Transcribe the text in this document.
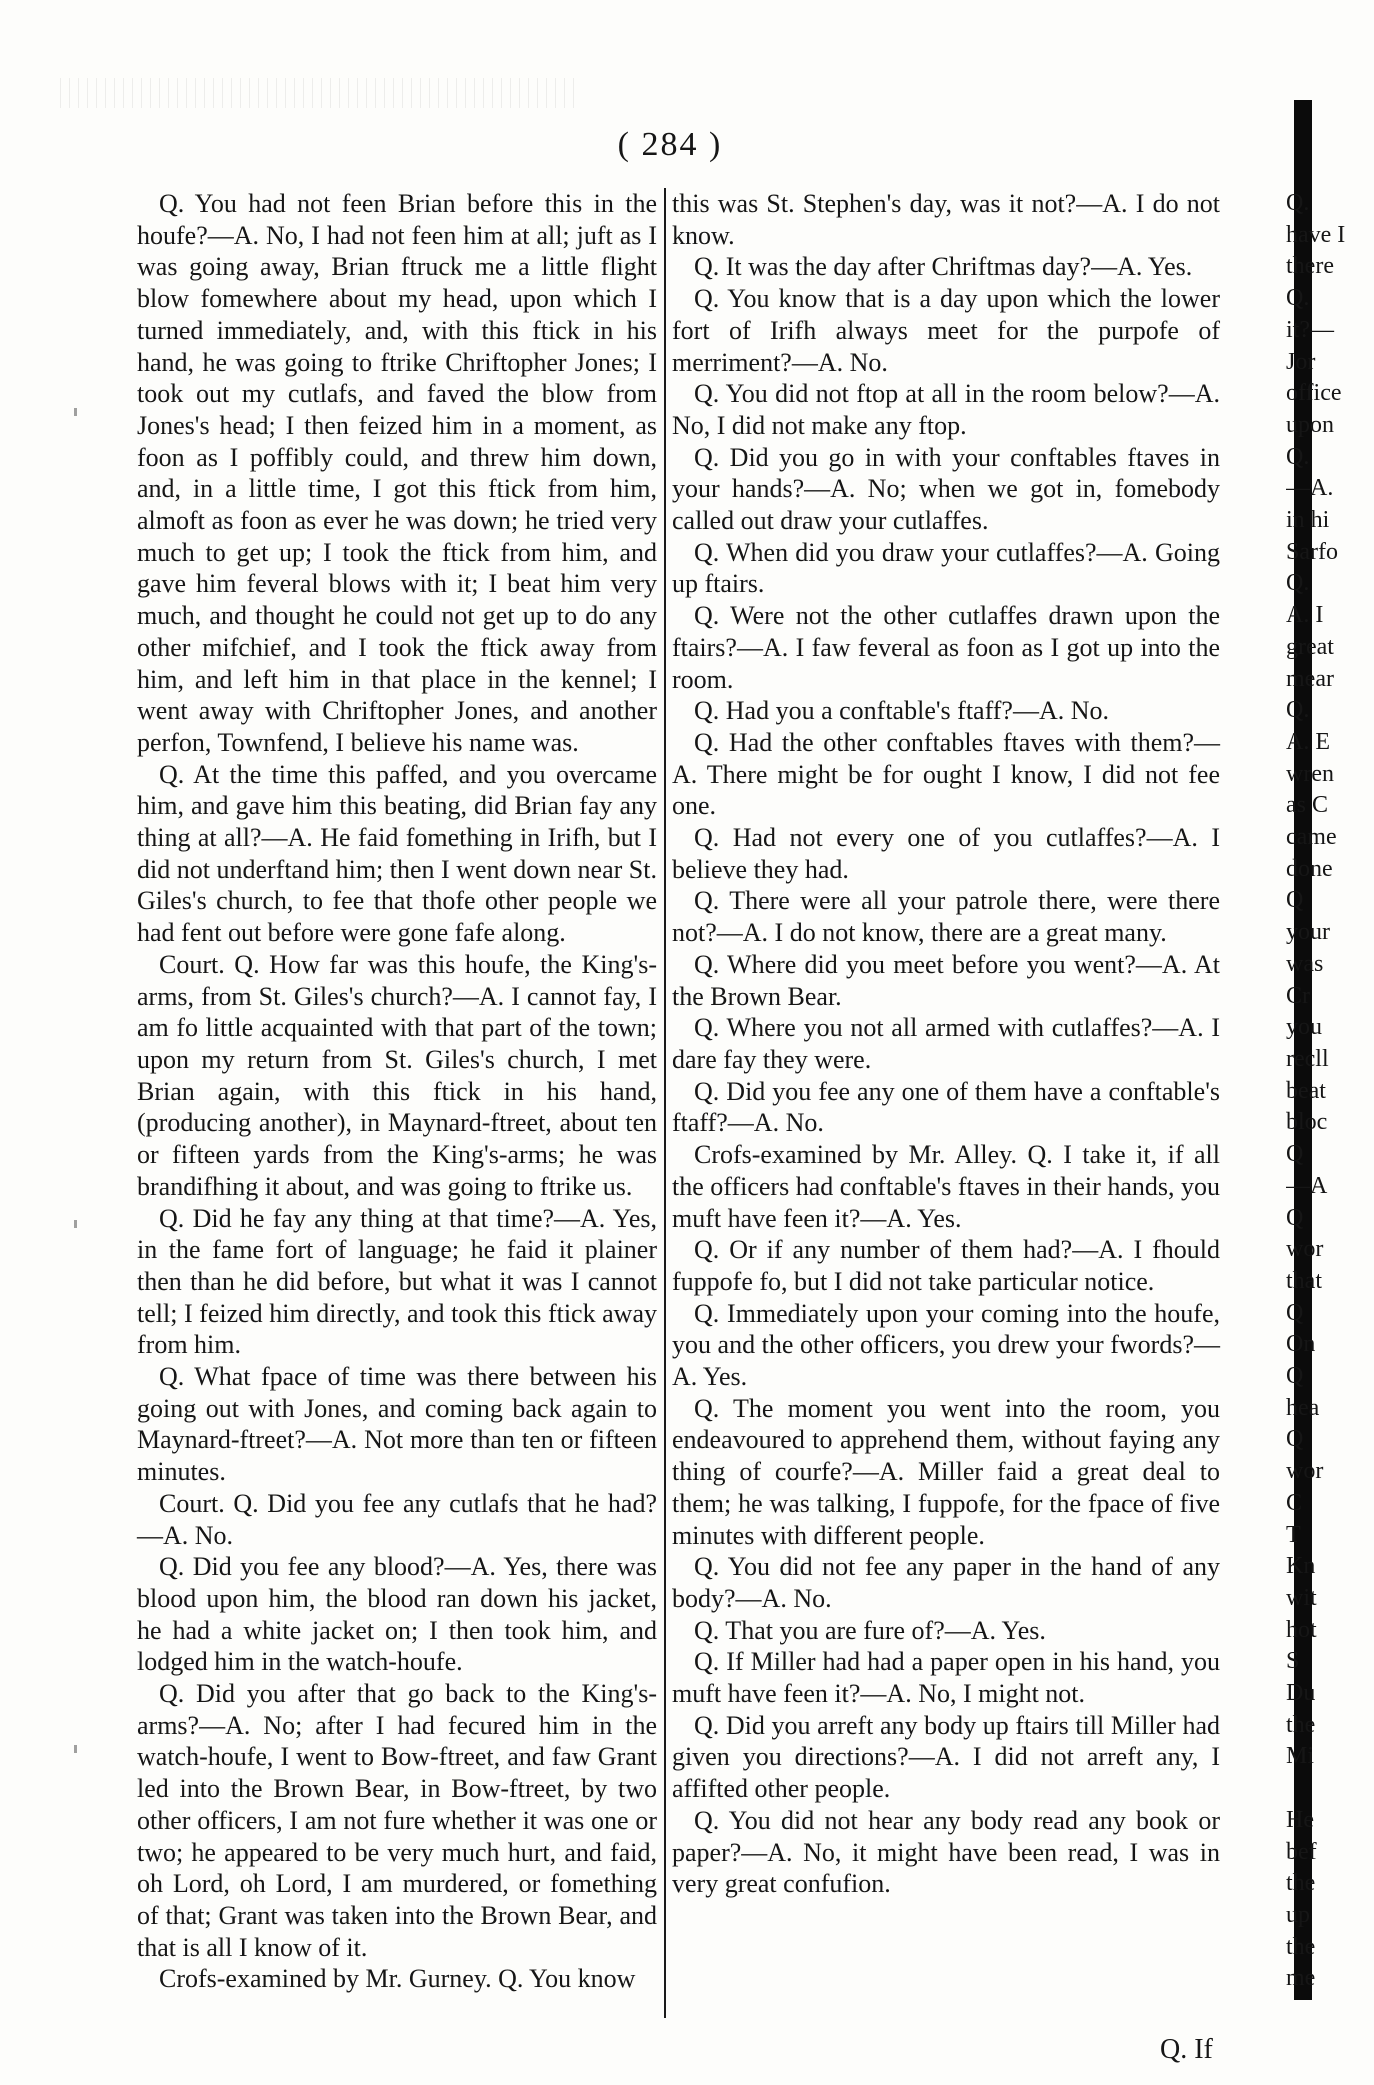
( 284 )

Q. You had not feen Brian before this in the houfe?—A. No, I had not feen him at all; juft as I was going away, Brian ftruck me a little flight blow fomewhere about my head, upon which I turned immediately, and, with this ftick in his hand, he was going to ftrike Chriftopher Jones; I took out my cutlafs, and faved the blow from Jones's head; I then feized him in a moment, as foon as I poffibly could, and threw him down, and, in a little time, I got this ftick from him, almoft as foon as ever he was down; he tried very much to get up; I took the ftick from him, and gave him feveral blows with it; I beat him very much, and thought he could not get up to do any other mifchief, and I took the ftick away from him, and left him in that place in the kennel; I went away with Chriftopher Jones, and another perfon, Townfend, I believe his name was.

Q. At the time this paffed, and you overcame him, and gave him this beating, did Brian fay any thing at all?—A. He faid fomething in Irifh, but I did not underftand him; then I went down near St. Giles's church, to fee that thofe other people we had fent out before were gone fafe along.

Court. Q. How far was this houfe, the King's-arms, from St. Giles's church?—A. I cannot fay, I am fo little acquainted with that part of the town; upon my return from St. Giles's church, I met Brian again, with this ftick in his hand, (producing another), in Maynard-ftreet, about ten or fifteen yards from the King's-arms; he was brandifhing it about, and was going to ftrike us.

Q. Did he fay any thing at that time?—A. Yes, in the fame fort of language; he faid it plainer then than he did before, but what it was I cannot tell; I feized him directly, and took this ftick away from him.

Q. What fpace of time was there between his going out with Jones, and coming back again to Maynard-ftreet?—A. Not more than ten or fifteen minutes.

Court. Q. Did you fee any cutlafs that he had?—A. No.

Q. Did you fee any blood?—A. Yes, there was blood upon him, the blood ran down his jacket, he had a white jacket on; I then took him, and lodged him in the watch-houfe.

Q. Did you after that go back to the King's-arms?—A. No; after I had fecured him in the watch-houfe, I went to Bow-ftreet, and faw Grant led into the Brown Bear, in Bow-ftreet, by two other officers, I am not fure whether it was one or two; he appeared to be very much hurt, and faid, oh Lord, oh Lord, I am murdered, or fomething of that; Grant was taken into the Brown Bear, and that is all I know of it.

Crofs-examined by Mr. Gurney. Q. You know

this was St. Stephen's day, was it not?—A. I do not know.

Q. It was the day after Chriftmas day?—A. Yes.

Q. You know that is a day upon which the lower fort of Irifh always meet for the purpofe of merriment?—A. No.

Q. You did not ftop at all in the room below?—A. No, I did not make any ftop.

Q. Did you go in with your conftables ftaves in your hands?—A. No; when we got in, fomebody called out draw your cutlaffes.

Q. When did you draw your cutlaffes?—A. Going up ftairs.

Q. Were not the other cutlaffes drawn upon the ftairs?—A. I faw feveral as foon as I got up into the room.

Q. Had you a conftable's ftaff?—A. No.

Q. Had the other conftables ftaves with them?—A. There might be for ought I know, I did not fee one.

Q. Had not every one of you cutlaffes?—A. I believe they had.

Q. There were all your patrole there, were there not?—A. I do not know, there are a great many.

Q. Where did you meet before you went?—A. At the Brown Bear.

Q. Where you not all armed with cutlaffes?—A. I dare fay they were.

Q. Did you fee any one of them have a conftable's ftaff?—A. No.

Crofs-examined by Mr. Alley. Q. I take it, if all the officers had conftable's ftaves in their hands, you muft have feen it?—A. Yes.

Q. Or if any number of them had?—A. I fhould fuppofe fo, but I did not take particular notice.

Q. Immediately upon your coming into the houfe, you and the other officers, you drew your fwords?—A. Yes.

Q. The moment you went into the room, you endeavoured to apprehend them, without faying any thing of courfe?—A. Miller faid a great deal to them; he was talking, I fuppofe, for the fpace of five minutes with different people.

Q. You did not fee any paper in the hand of any body?—A. No.

Q. That you are fure of?—A. Yes.

Q. If Miller had had a paper open in his hand, you muft have feen it?—A. No, I might not.

Q. Did you arreft any body up ftairs till Miller had given you directions?—A. I did not arreft any, I affifted other people.

Q. You did not hear any body read any book or paper?—A. No, it might have been read, I was in very great confufion.

Q.
have I
there
Q.
it?—
Jor
office
upon
Q.
—A.
in hi
Sarfo
Q.
A. I
great
mear
Q.
A. E
wren
as C
came
done
Q
your
was
Cr
you
recll
beat
bloc
Q
—A
Q
wor
that
Q
On
Q
hea
Q
wor
C
T
Kn
wit
hot
S
Du
the
Mi

He
bef
the
up
the
me
Q. If
